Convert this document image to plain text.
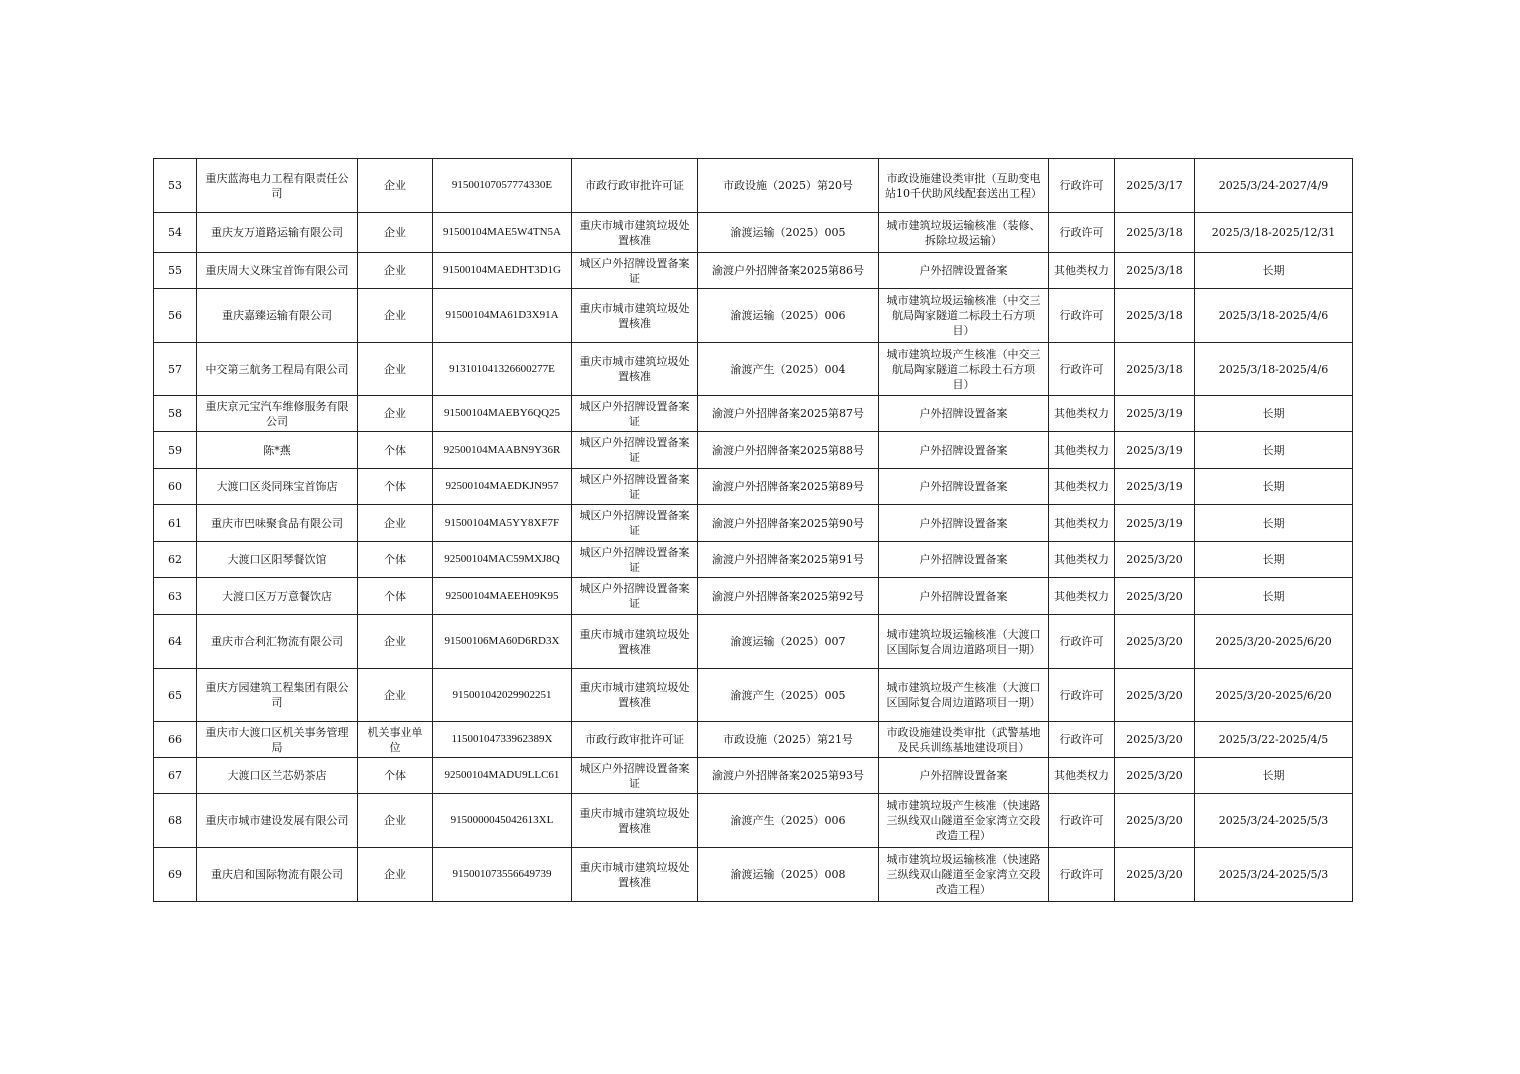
53	重庆蓝海电力工程有限责任公司	企业	91500107057774330E	市政行政审批许可证	市政设施（2025）第20号	市政设施建设类审批（互助变电站10千伏助风线配套送出工程）	行政许可	2025/3/17	2025/3/24-2027/4/9
54	重庆友万道路运输有限公司	企业	91500104MAE5W4TN5A	重庆市城市建筑垃圾处置核准	渝渡运输（2025）005	城市建筑垃圾运输核准（装修、拆除垃圾运输）	行政许可	2025/3/18	2025/3/18-2025/12/31
55	重庆周大义珠宝首饰有限公司	企业	91500104MAEDHT3D1G	城区户外招牌设置备案证	渝渡户外招牌备案2025第86号	户外招牌设置备案	其他类权力	2025/3/18	长期
56	重庆嘉臻运输有限公司	企业	91500104MA61D3X91A	重庆市城市建筑垃圾处置核准	渝渡运输（2025）006	城市建筑垃圾运输核准（中交三航局陶家隧道二标段土石方项目）	行政许可	2025/3/18	2025/3/18-2025/4/6
57	中交第三航务工程局有限公司	企业	913101041326600277E	重庆市城市建筑垃圾处置核准	渝渡产生（2025）004	城市建筑垃圾产生核准（中交三航局陶家隧道二标段土石方项目）	行政许可	2025/3/18	2025/3/18-2025/4/6
58	重庆京元宝汽车维修服务有限公司	企业	91500104MAEBY6QQ25	城区户外招牌设置备案证	渝渡户外招牌备案2025第87号	户外招牌设置备案	其他类权力	2025/3/19	长期
59	陈*燕	个体	92500104MAABN9Y36R	城区户外招牌设置备案证	渝渡户外招牌备案2025第88号	户外招牌设置备案	其他类权力	2025/3/19	长期
60	大渡口区炎同珠宝首饰店	个体	92500104MAEDKJN957	城区户外招牌设置备案证	渝渡户外招牌备案2025第89号	户外招牌设置备案	其他类权力	2025/3/19	长期
61	重庆市巴味聚食品有限公司	企业	91500104MA5YY8XF7F	城区户外招牌设置备案证	渝渡户外招牌备案2025第90号	户外招牌设置备案	其他类权力	2025/3/19	长期
62	大渡口区阳琴餐饮馆	个体	92500104MAC59MXJ8Q	城区户外招牌设置备案证	渝渡户外招牌备案2025第91号	户外招牌设置备案	其他类权力	2025/3/20	长期
63	大渡口区万万意餐饮店	个体	92500104MAEEH09K95	城区户外招牌设置备案证	渝渡户外招牌备案2025第92号	户外招牌设置备案	其他类权力	2025/3/20	长期
64	重庆市合利汇物流有限公司	企业	91500106MA60D6RD3X	重庆市城市建筑垃圾处置核准	渝渡运输（2025）007	城市建筑垃圾运输核准（大渡口区国际复合周边道路项目一期）	行政许可	2025/3/20	2025/3/20-2025/6/20
65	重庆方园建筑工程集团有限公司	企业	915001042029902251	重庆市城市建筑垃圾处置核准	渝渡产生（2025）005	城市建筑垃圾产生核准（大渡口区国际复合周边道路项目一期）	行政许可	2025/3/20	2025/3/20-2025/6/20
66	重庆市大渡口区机关事务管理局	机关事业单位	11500104733962389X	市政行政审批许可证	市政设施（2025）第21号	市政设施建设类审批（武警基地及民兵训练基地建设项目）	行政许可	2025/3/20	2025/3/22-2025/4/5
67	大渡口区兰芯奶茶店	个体	92500104MADU9LLC61	城区户外招牌设置备案证	渝渡户外招牌备案2025第93号	户外招牌设置备案	其他类权力	2025/3/20	长期
68	重庆市城市建设发展有限公司	企业	9150000045042613XL	重庆市城市建筑垃圾处置核准	渝渡产生（2025）006	城市建筑垃圾产生核准（快速路三纵线双山隧道至金家湾立交段改造工程）	行政许可	2025/3/20	2025/3/24-2025/5/3
69	重庆启和国际物流有限公司	企业	915001073556649739	重庆市城市建筑垃圾处置核准	渝渡运输（2025）008	城市建筑垃圾运输核准（快速路三纵线双山隧道至金家湾立交段改造工程）	行政许可	2025/3/20	2025/3/24-2025/5/3
